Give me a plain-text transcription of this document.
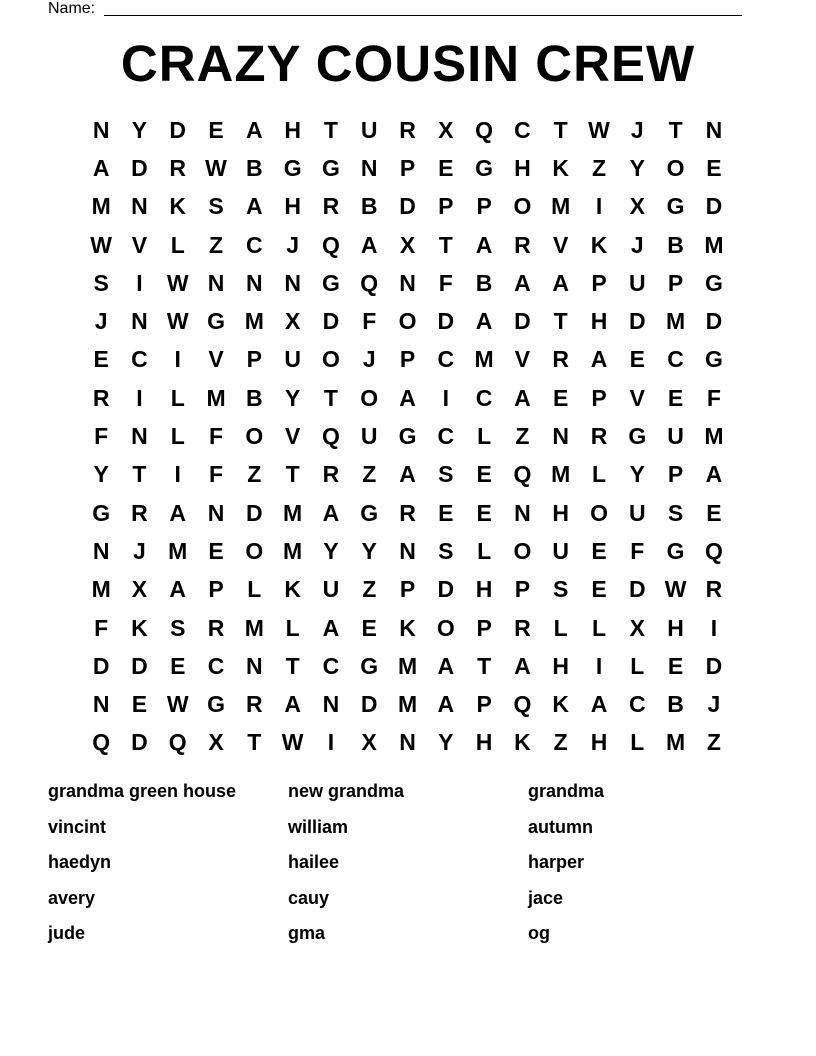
Name:
CRAZY COUSIN CREW
N Y D E A H T U R X Q C T W J	T N
A D R W B G G N P E G H K Z	Y O E
M N K S A H R B D P P O M	I	X G D
W V	L	Z C	J Q A X	T A R V K	J	B M
S	I	W N N N G Q N F B A A P U P G
J	N W G M X D F O D A D T H D M D
E C	I	V P U O J	P C M V R A E C G
R	I	L M B Y	T O A	I	C A E P V E	F
F N L	F O V Q U G C L	Z N R G U M
Y	T	I	F	Z	T R Z A S E Q M L	Y P A
G R A N D M A G R E E N H O U S E
N	J M E O M Y Y N S	L O U E	F G Q
M X A P	L K U Z	P D H P S E D W R
F K S R M L A E K O P R L	L	X H	I
D D E C N T C G M A T A H	I	L	E D
N E W G R A N D M A P Q K A C B	J
Q D Q X	T W	I	X N Y H K Z H L M Z
grandma green house	new grandma	grandma
vincint	william	autumn
haedyn	hailee	harper
avery	cauy	jace
jude	gma	og
